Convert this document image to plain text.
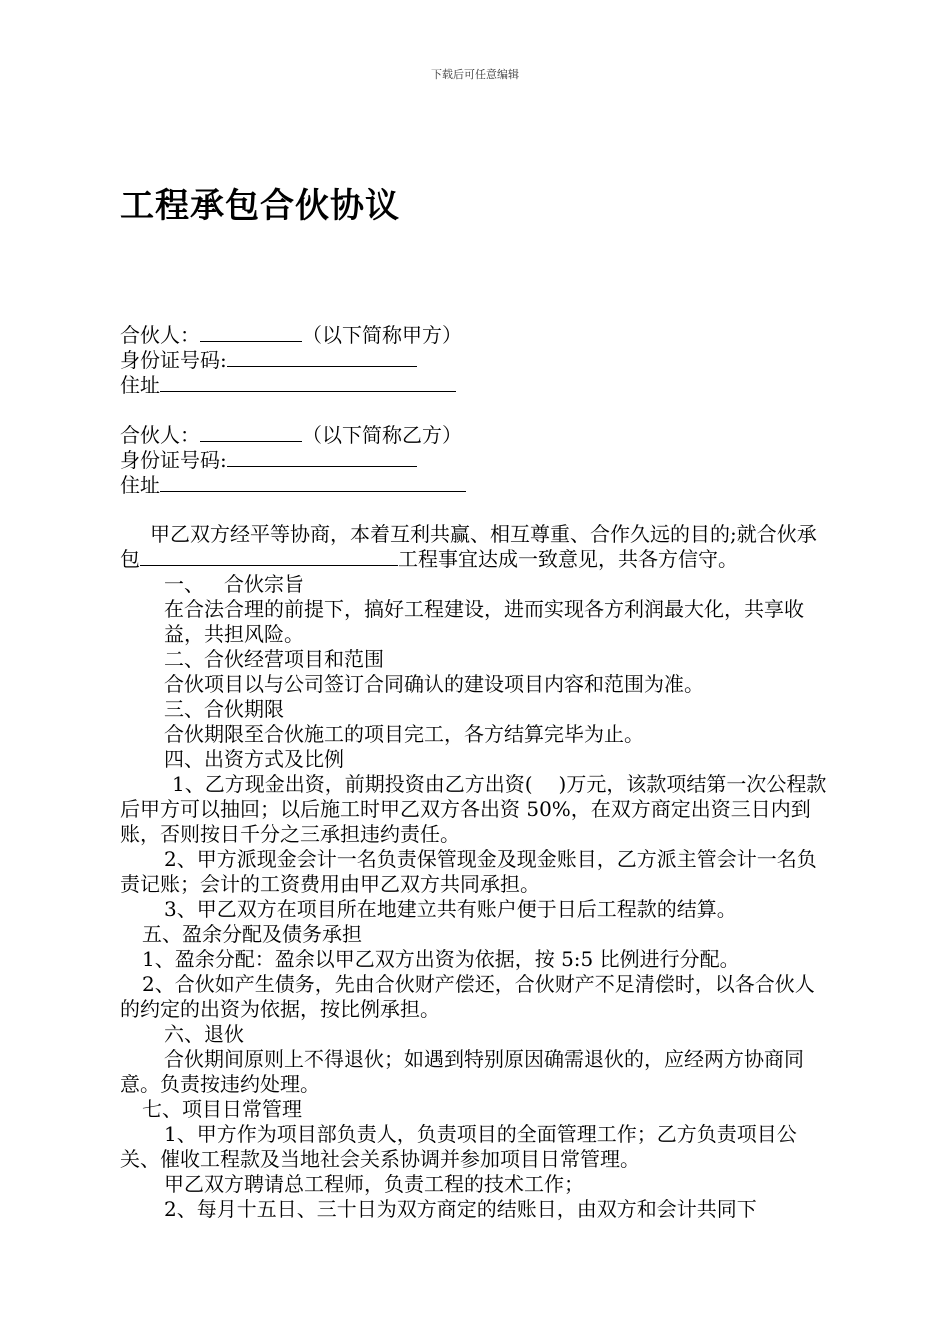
下载后可任意编辑
工程承包合伙协议
合伙人：	（以下简称甲方）
身份证号码:
住址
合伙人：	（以下简称乙方）
身份证号码:
住址

甲乙双方经平等协商，本着互利共赢、相互尊重、合作久远的目的;就合伙承包	工程事宜达成一致意见，共各方信守。

一、 合伙宗旨

在合法合理的前提下，搞好工程建设，进而实现各方利润最大化，共享收益，共担风险。

二、合伙经营项目和范围

合伙项目以与公司签订合同确认的建设项目内容和范围为准。

三、合伙期限

合伙期限至合伙施工的项目完工，各方结算完毕为止。

四、出资方式及比例

1、乙方现金出资，前期投资由乙方出资( )万元，该款项结第一次公程款后甲方可以抽回；以后施工时甲乙双方各出资 50%，在双方商定出资三日内到账，否则按日千分之三承担违约责任。

2、甲方派现金会计一名负责保管现金及现金账目，乙方派主管会计一名负责记账；会计的工资费用由甲乙双方共同承担。

3、甲乙双方在项目所在地建立共有账户便于日后工程款的结算。

五、盈余分配及债务承担

1、盈余分配：盈余以甲乙双方出资为依据，按 5:5 比例进行分配。

2、合伙如产生债务，先由合伙财产偿还，合伙财产不足清偿时，以各合伙人的约定的出资为依据，按比例承担。

六、退伙

合伙期间原则上不得退伙；如遇到特别原因确需退伙的，应经两方协商同意。负责按违约处理。

七、项目日常管理

1、甲方作为项目部负责人，负责项目的全面管理工作；乙方负责项目公关、催收工程款及当地社会关系协调并参加项目日常管理。

甲乙双方聘请总工程师，负责工程的技术工作；

2、每月十五日、三十日为双方商定的结账日，由双方和会计共同下
